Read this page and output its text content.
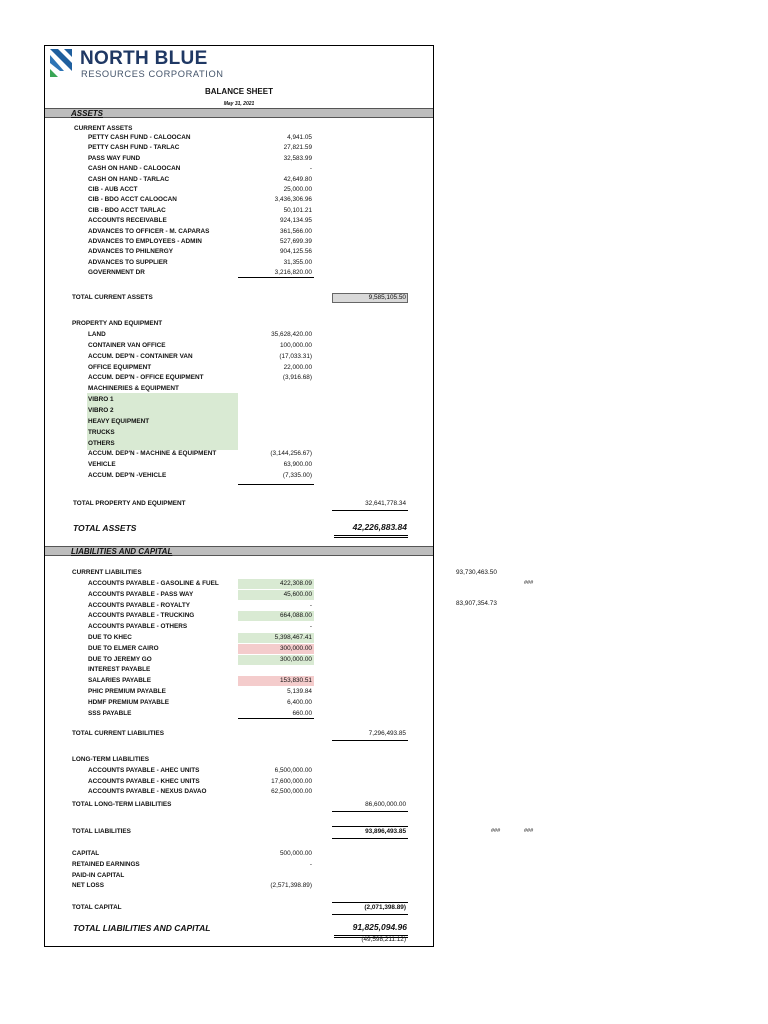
NORTH BLUE
RESOURCES CORPORATION
BALANCE SHEET
May 31, 2021
ASSETS
CURRENT ASSETS
PETTY CASH FUND - CALOOCAN	4,941.05
PETTY CASH FUND - TARLAC	27,821.59
PASS WAY FUND	32,583.99
CASH ON HAND - CALOOCAN	-
CASH ON HAND - TARLAC	42,649.80
CIB - AUB ACCT	25,000.00
CIB - BDO ACCT CALOOCAN	3,436,306.96
CIB - BDO ACCT TARLAC	50,101.21
ACCOUNTS RECEIVABLE	924,134.95
ADVANCES TO OFFICER - M. CAPARAS	361,566.00
ADVANCES TO EMPLOYEES - ADMIN	527,699.39
ADVANCES TO PHILNERGY	904,125.56
ADVANCES TO SUPPLIER	31,355.00
GOVERNMENT DR	3,216,820.00
TOTAL CURRENT ASSETS	9,585,105.50
PROPERTY AND EQUIPMENT
LAND	35,628,420.00
CONTAINER VAN OFFICE	100,000.00
ACCUM. DEP'N - CONTAINER VAN	(17,033.31)
OFFICE EQUIPMENT	22,000.00
ACCUM. DEP'N - OFFICE EQUIPMENT	(3,916.68)
MACHINERIES & EQUIPMENT
VIBRO 1
VIBRO 2
HEAVY EQUIPMENT
TRUCKS
OTHERS
ACCUM. DEP'N - MACHINE & EQUIPMENT	(3,144,256.67)
VEHICLE	63,900.00
ACCUM. DEP'N -VEHICLE	(7,335.00)
TOTAL PROPERTY AND EQUIPMENT	32,641,778.34
TOTAL ASSETS	42,226,883.84
LIABILITIES AND CAPITAL
CURRENT LIABILITIES
ACCOUNTS PAYABLE - GASOLINE & FUEL	422,308.09
ACCOUNTS PAYABLE - PASS WAY	45,600.00
ACCOUNTS PAYABLE - ROYALTY	-
ACCOUNTS PAYABLE - TRUCKING	664,088.00
ACCOUNTS PAYABLE - OTHERS	-
DUE TO KHEC	5,398,467.41
DUE TO ELMER CAIRO	300,000.00
DUE TO JEREMY GO	300,000.00
INTEREST PAYABLE
SALARIES PAYABLE	153,830.51
PHIC PREMIUM PAYABLE	5,139.84
HDMF PREMIUM PAYABLE	6,400.00
SSS PAYABLE	660.00
TOTAL CURRENT LIABILITIES	7,296,493.85
LONG-TERM LIABILITIES
ACCOUNTS PAYABLE - AHEC UNITS	6,500,000.00
ACCOUNTS PAYABLE - KHEC UNITS	17,600,000.00
ACCOUNTS PAYABLE - NEXUS DAVAO	62,500,000.00
TOTAL LONG-TERM LIABILITIES	86,600,000.00
TOTAL LIABILITIES	93,896,493.85
CAPITAL	500,000.00
RETAINED EARNINGS	-
PAID-IN CAPITAL
NET LOSS	(2,571,398.89)
TOTAL CAPITAL	(2,071,398.89)
TOTAL LIABILITIES AND CAPITAL	91,825,094.96
(49,598,211.12)
93,730,463.50
###
83,907,354.73
###	###
